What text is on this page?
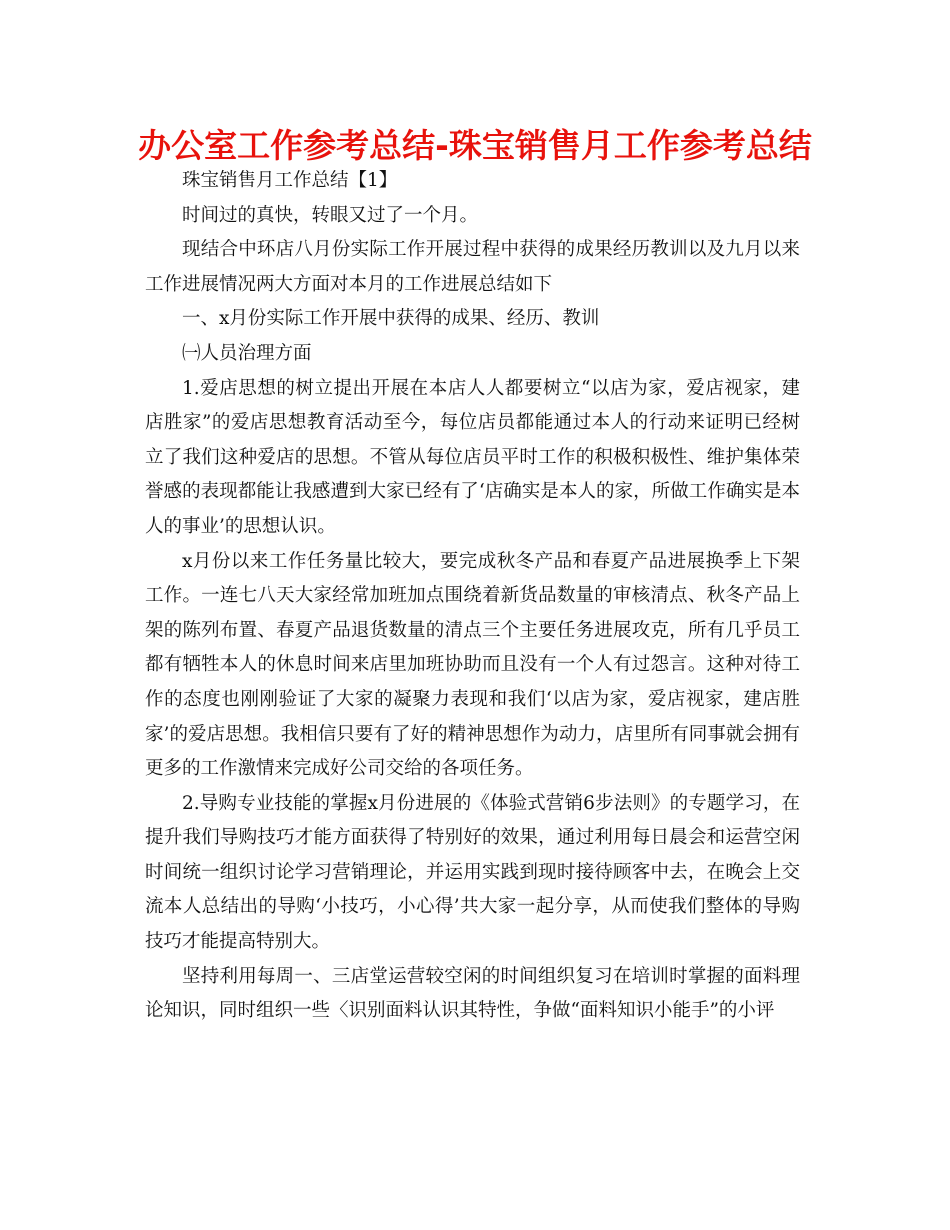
办公室工作参考总结-珠宝销售月工作参考总结

珠宝销售月工作总结【1】

时间过的真快，转眼又过了一个月。

现结合中环店八月份实际工作开展过程中获得的成果经历教训以及九月以来工作进展情况两大方面对本月的工作进展总结如下

一、x月份实际工作开展中获得的成果、经历、教训

㈠人员治理方面

1.爱店思想的树立提出开展在本店人人都要树立“以店为家，爱店视家，建店胜家”的爱店思想教育活动至今，每位店员都能通过本人的行动来证明已经树立了我们这种爱店的思想。不管从每位店员平时工作的积极积极性、维护集体荣誉感的表现都能让我感遭到大家已经有了‘店确实是本人的家，所做工作确实是本人的事业’的思想认识。

x月份以来工作任务量比较大，要完成秋冬产品和春夏产品进展换季上下架工作。一连七八天大家经常加班加点围绕着新货品数量的审核清点、秋冬产品上架的陈列布置、春夏产品退货数量的清点三个主要任务进展攻克，所有几乎员工都有牺牲本人的休息时间来店里加班协助而且没有一个人有过怨言。这种对待工作的态度也刚刚验证了大家的凝聚力表现和我们‘以店为家，爱店视家，建店胜家’的爱店思想。我相信只要有了好的精神思想作为动力，店里所有同事就会拥有更多的工作激情来完成好公司交给的各项任务。

2.导购专业技能的掌握x月份进展的《体验式营销6步法则》的专题学习，在提升我们导购技巧才能方面获得了特别好的效果，通过利用每日晨会和运营空闲时间统一组织讨论学习营销理论，并运用实践到现时接待顾客中去，在晚会上交流本人总结出的导购‘小技巧，小心得’共大家一起分享，从而使我们整体的导购技巧才能提高特别大。

坚持利用每周一、三店堂运营较空闲的时间组织复习在培训时掌握的面料理论知识，同时组织一些〈识别面料认识其特性，争做“面料知识小能手”的小评
